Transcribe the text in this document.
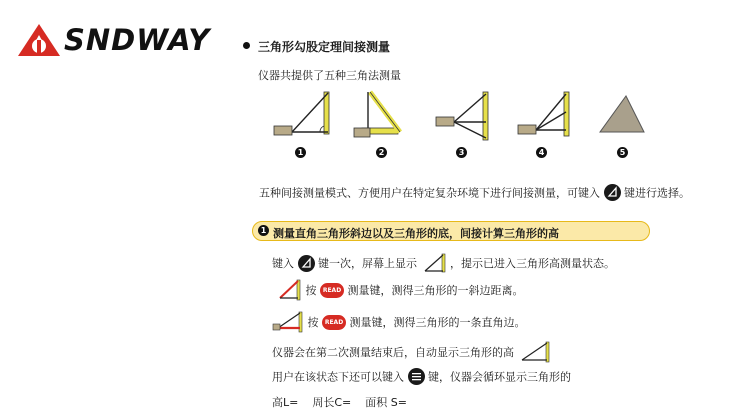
SNDWAY	三角形勾股定理间接测量
仪器共提供了五种三角法测量
1	2	3	4	5
五种间接测量模式、方便用户在特定复杂环境下进行间接测量，可键入 键进行选择。
1 测量直角三角形斜边以及三角形的底，间接计算三角形的高
键入 键一次，屏幕上显示	，提示已进入三角形高测量状态。
按 READ 测量键，测得三角形的一斜边距离。
按 READ 测量键，测得三角形的一条直角边。
仪器会在第二次测量结束后，自动显示三角形的高
用户在该状态下还可以键入 键，仪器会循环显示三角形的
高L=    周长C=    面积 S=
